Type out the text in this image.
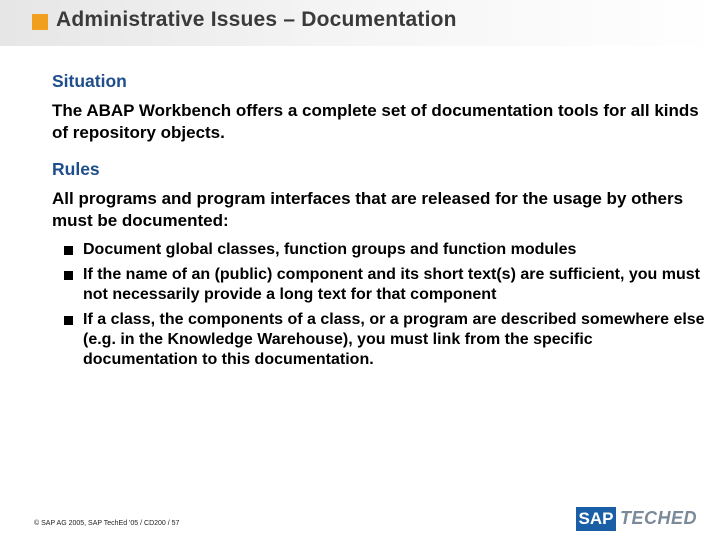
Administrative Issues – Documentation

Situation

The ABAP Workbench offers a complete set of documentation tools for all kinds of repository objects.

Rules

All programs and program interfaces that are released for the usage by others must be documented:

Document global classes, function groups and function modules
If the name of an (public) component and its short text(s) are sufficient, you must not necessarily provide a long text for that component
If a class, the components of a class, or a program are described somewhere else (e.g. in the Knowledge Warehouse), you must link from the specific documentation to this documentation.
© SAP AG 2005, SAP TechEd '05 / CD200 / 57	SAP TECHED
